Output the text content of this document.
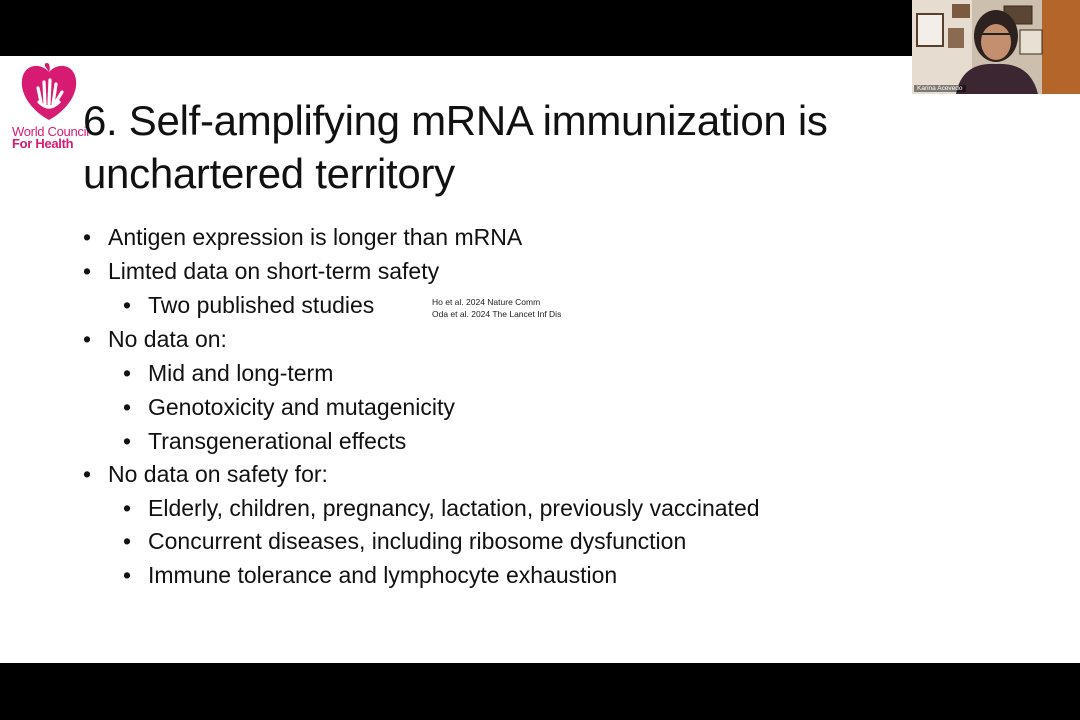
World Council
For Health 6. Self-amplifying mRNA immunization is
unchartered territory
• Antigen expression is longer than mRNA
• Limted data on short-term safety
• Two published studies
• No data on:
• Mid and long-term
• Genotoxicity and mutagenicity
• Transgenerational effects
• No data on safety for:
• Elderly, children, pregnancy, lactation, previously vaccinated
• Concurrent diseases, including ribosome dysfunction
• Immune tolerance and lymphocyte exhaustion
Ho et al. 2024 Nature Comm
Oda et al. 2024 The Lancet Inf Dis
Karina Acevedo
